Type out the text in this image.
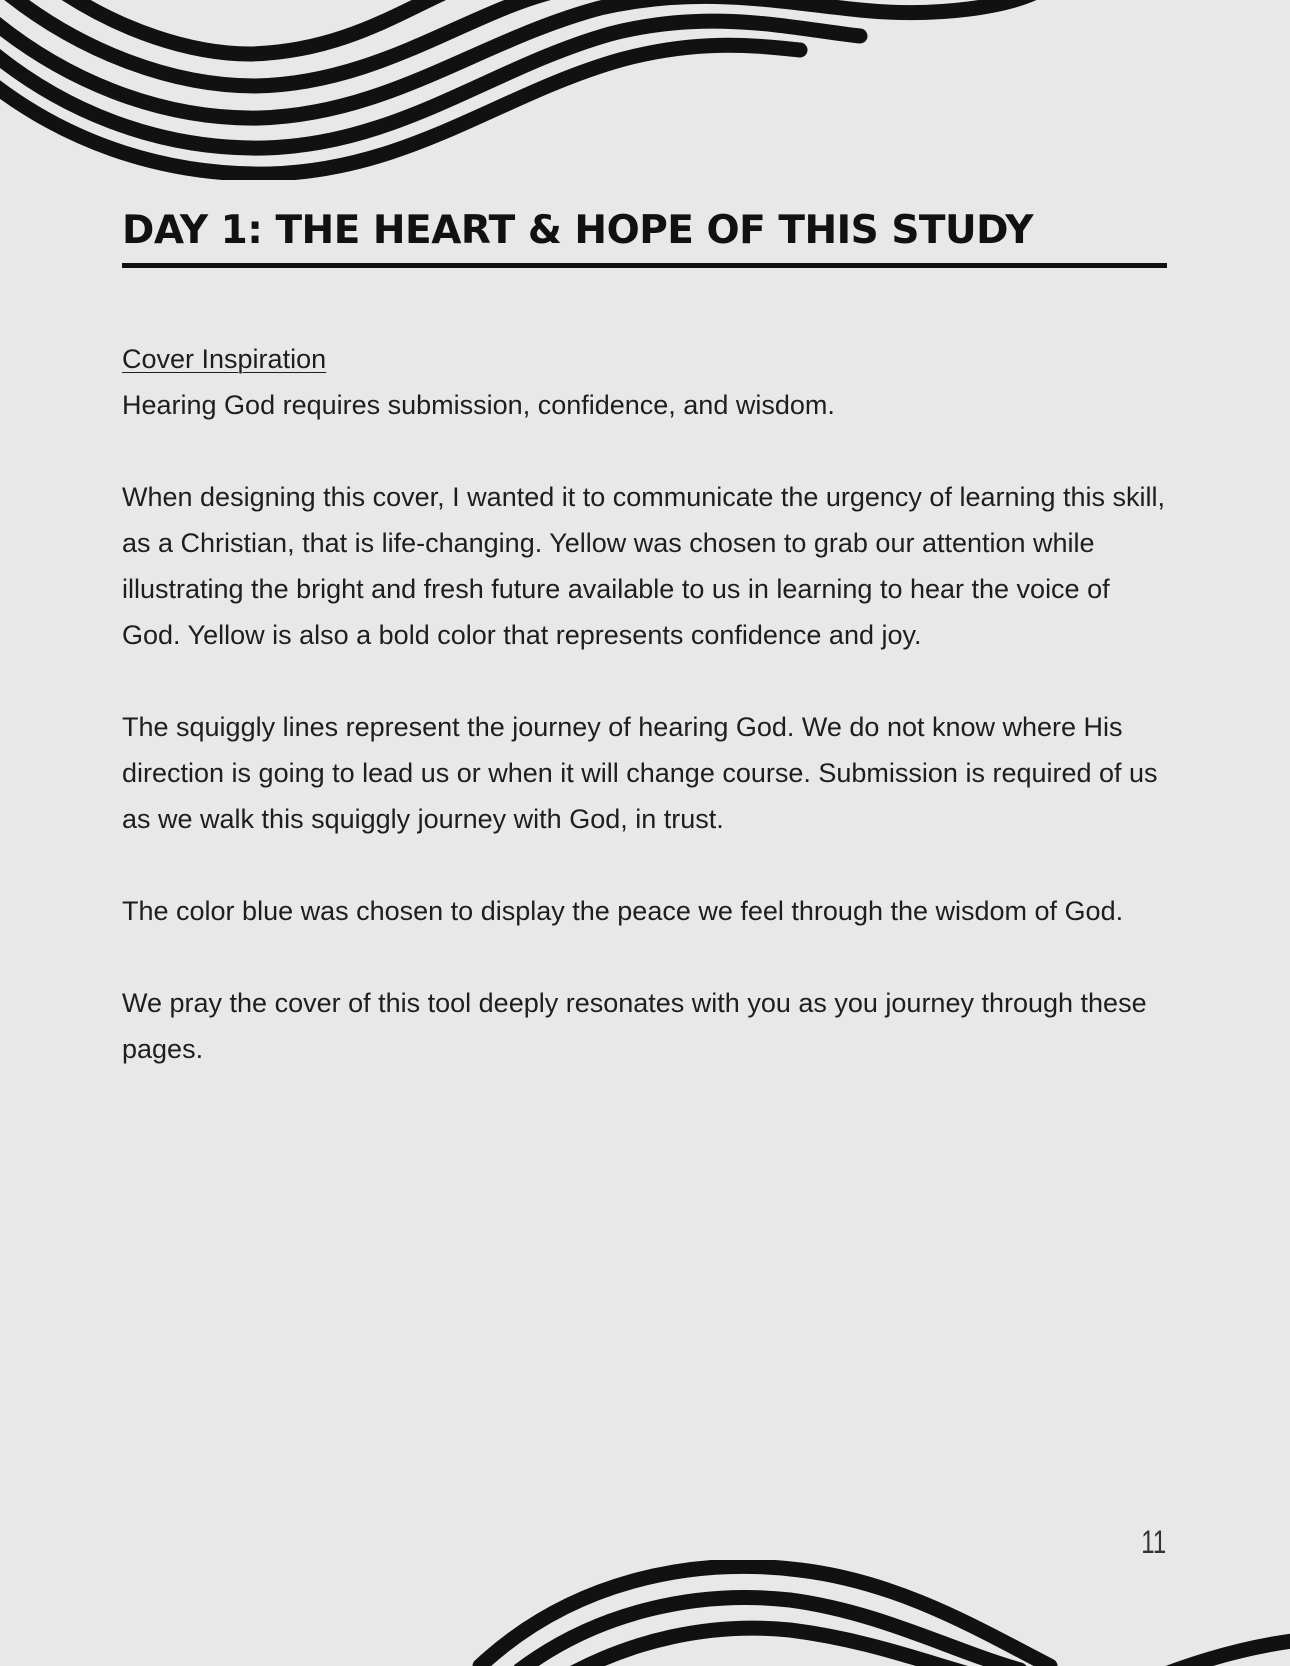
DAY 1: THE HEART & HOPE OF THIS STUDY

Cover Inspiration
Hearing God requires submission, confidence, and wisdom.

When designing this cover, I wanted it to communicate the urgency of learning this skill, as a Christian, that is life-changing. Yellow was chosen to grab our attention while illustrating the bright and fresh future available to us in learning to hear the voice of God. Yellow is also a bold color that represents confidence and joy.

The squiggly lines represent the journey of hearing God. We do not know where His direction is going to lead us or when it will change course. Submission is required of us as we walk this squiggly journey with God, in trust.

The color blue was chosen to display the peace we feel through the wisdom of God.

We pray the cover of this tool deeply resonates with you as you journey through these pages.

11
